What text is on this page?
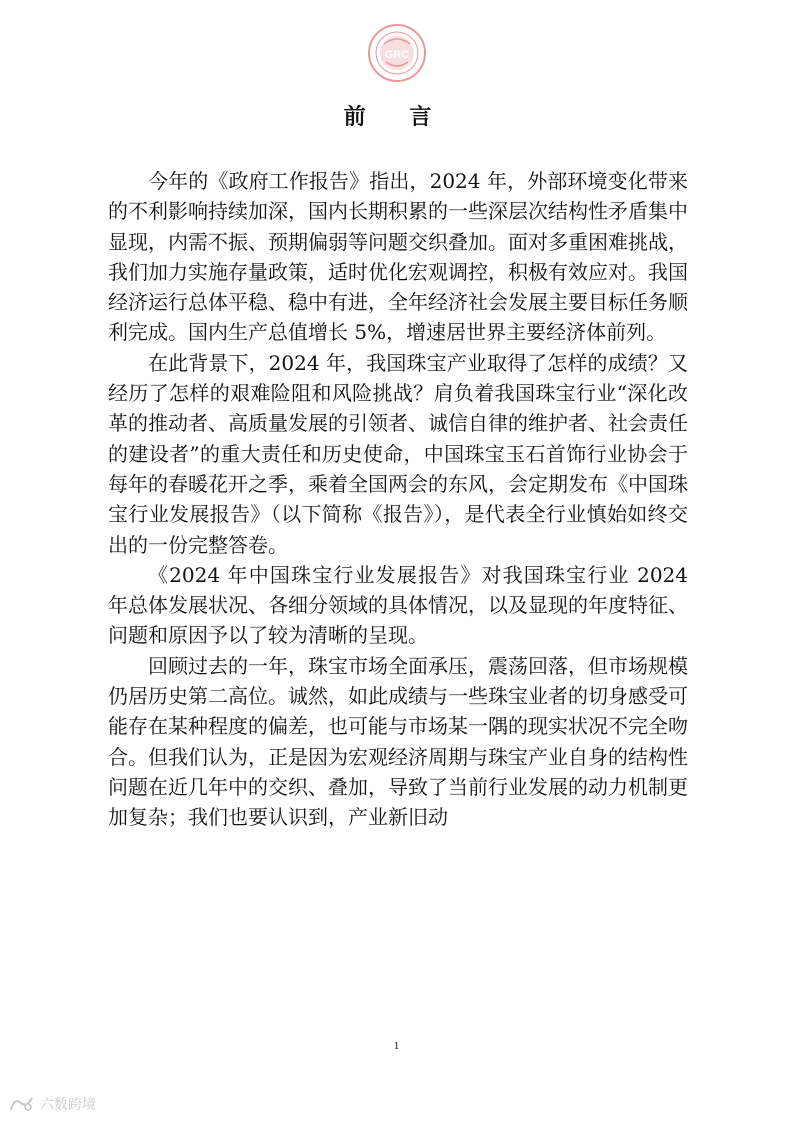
GRC
前 言

今年的《政府工作报告》指出，2024 年，外部环境变化带来的不利影响持续加深，国内长期积累的一些深层次结构性矛盾集中显现，内需不振、预期偏弱等问题交织叠加。面对多重困难挑战，我们加力实施存量政策，适时优化宏观调控，积极有效应对。我国经济运行总体平稳、稳中有进，全年经济社会发展主要目标任务顺利完成。国内生产总值增长 5%，增速居世界主要经济体前列。

在此背景下，2024 年，我国珠宝产业取得了怎样的成绩？又经历了怎样的艰难险阻和风险挑战？肩负着我国珠宝行业“深化改革的推动者、高质量发展的引领者、诚信自律的维护者、社会责任的建设者”的重大责任和历史使命，中国珠宝玉石首饰行业协会于每年的春暖花开之季，乘着全国两会的东风，会定期发布《中国珠宝行业发展报告》（以下简称《报告》），是代表全行业慎始如终交出的一份完整答卷。

《2024 年中国珠宝行业发展报告》对我国珠宝行业 2024 年总体发展状况、各细分领域的具体情况，以及显现的年度特征、问题和原因予以了较为清晰的呈现。

回顾过去的一年，珠宝市场全面承压，震荡回落，但市场规模仍居历史第二高位。诚然，如此成绩与一些珠宝业者的切身感受可能存在某种程度的偏差，也可能与市场某一隅的现实状况不完全吻合。但我们认为，正是因为宏观经济周期与珠宝产业自身的结构性问题在近几年中的交织、叠加，导致了当前行业发展的动力机制更加复杂；我们也要认识到，产业新旧动

1
六数跨境
